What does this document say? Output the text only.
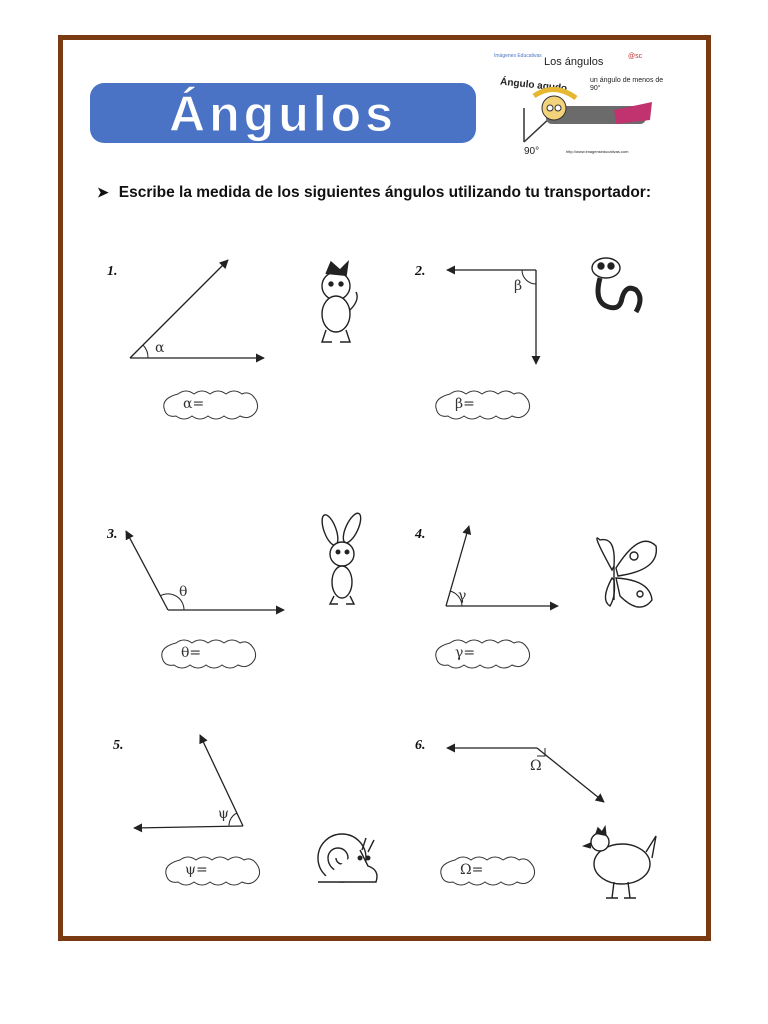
Ángulos
Imágenes Educativas Los ángulos
Ángulo agudo	un ángulo de menos de 90°
90°	http://www.imagenseducativas.com
@sc
➤ Escribe la medida de los siguientes ángulos utilizando tu transportador:
1.	2.
3.	4.
5.	6.
α
β
θ	γ
ψ
Ω
α=	β=
θ=	γ=
ψ=	Ω=
